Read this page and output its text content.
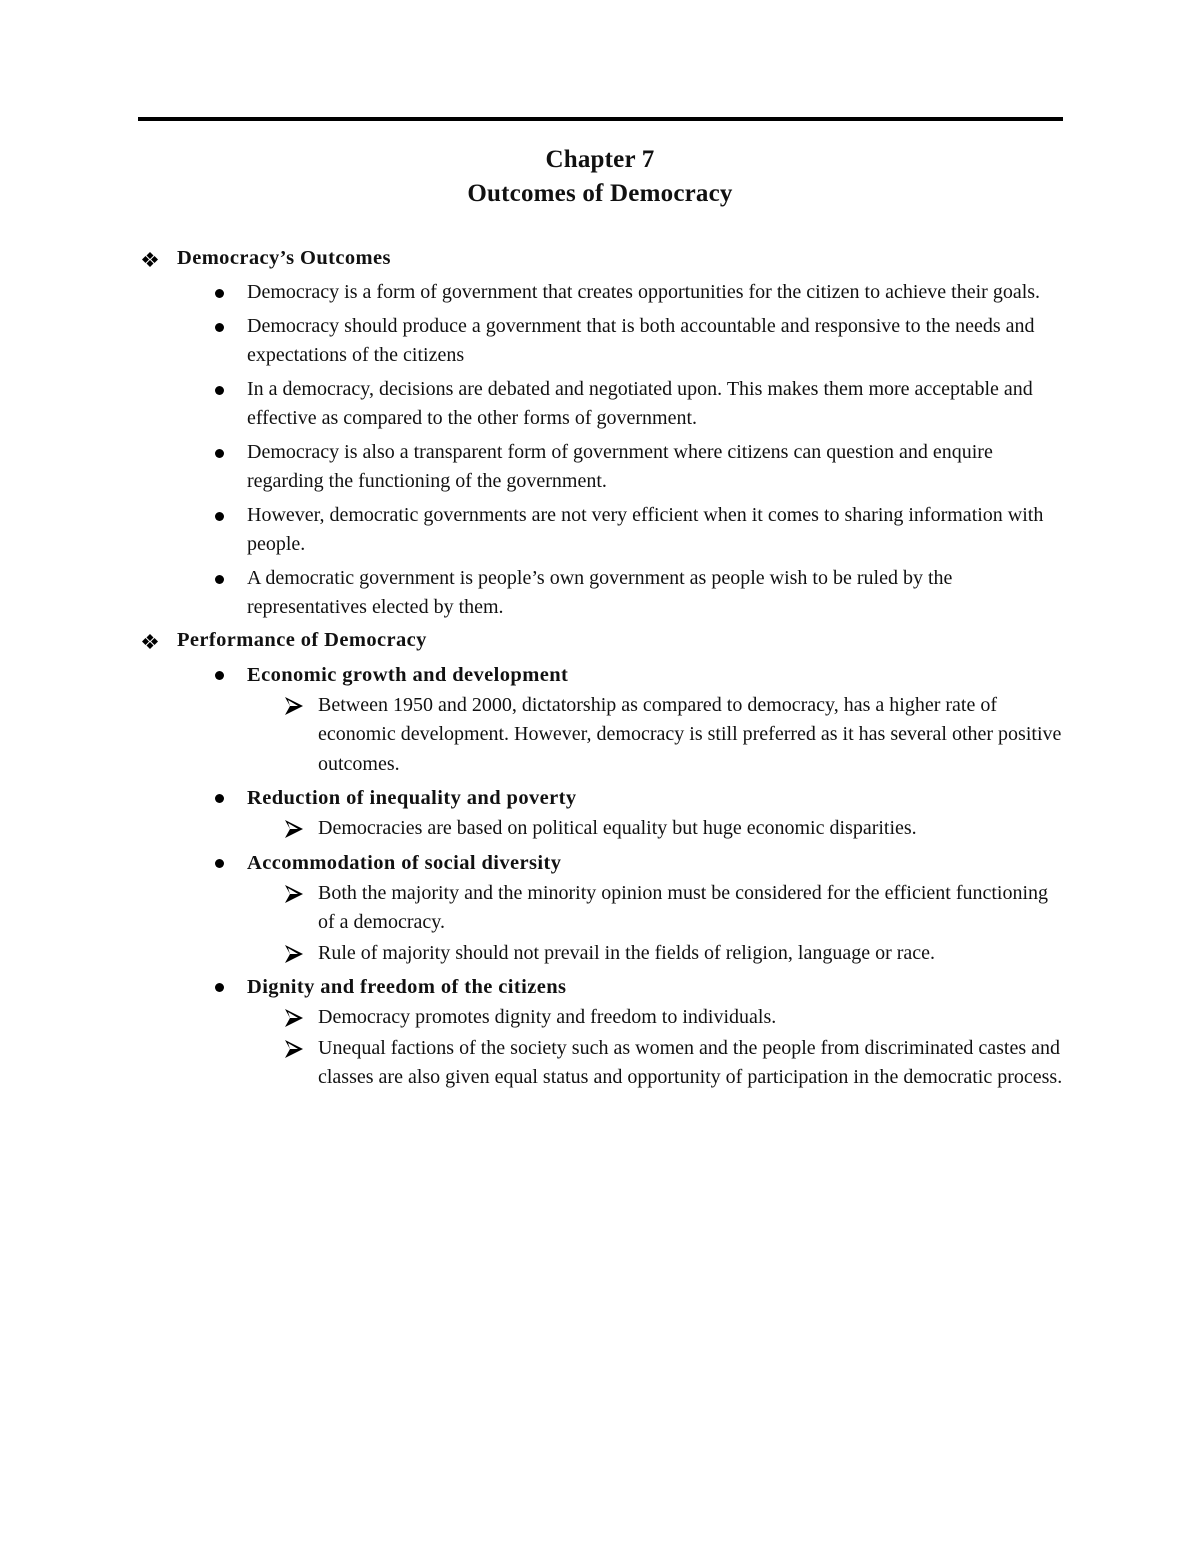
Chapter 7
Outcomes of Democracy
Democracy’s Outcomes
Democracy is a form of government that creates opportunities for the citizen to achieve their goals.
Democracy should produce a government that is both accountable and responsive to the needs and expectations of the citizens
In a democracy, decisions are debated and negotiated upon. This makes them more acceptable and effective as compared to the other forms of government.
Democracy is also a transparent form of government where citizens can question and enquire regarding the functioning of the government.
However, democratic governments are not very efficient when it comes to sharing information with people.
A democratic government is people’s own government as people wish to be ruled by the representatives elected by them.
Performance of Democracy
Economic growth and development
Between 1950 and 2000, dictatorship as compared to democracy, has a higher rate of economic development. However, democracy is still preferred as it has several other positive outcomes.
Reduction of inequality and poverty
Democracies are based on political equality but huge economic disparities.
Accommodation of social diversity
Both the majority and the minority opinion must be considered for the efficient functioning of a democracy.
Rule of majority should not prevail in the fields of religion, language or race.
Dignity and freedom of the citizens
Democracy promotes dignity and freedom to individuals.
Unequal factions of the society such as women and the people from discriminated castes and classes are also given equal status and opportunity of participation in the democratic process.
